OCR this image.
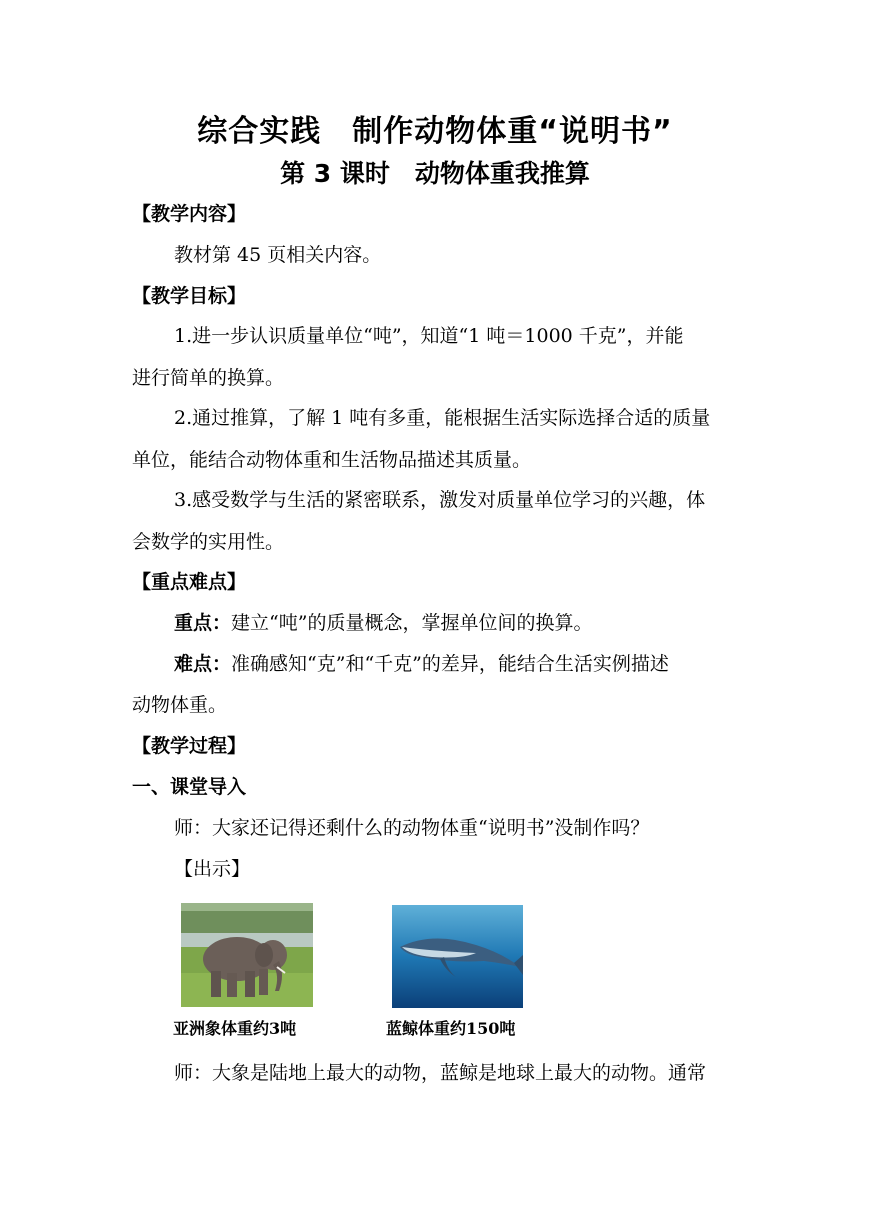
综合实践　制作动物体重“说明书”
第 3 课时　动物体重我推算
【教学内容】
教材第 45 页相关内容。
【教学目标】
1.进一步认识质量单位“吨”，知道“1 吨＝1000 千克”，并能
进行简单的换算。
2.通过推算，了解 1 吨有多重，能根据生活实际选择合适的质量
单位，能结合动物体重和生活物品描述其质量。
3.感受数学与生活的紧密联系，激发对质量单位学习的兴趣，体
会数学的实用性。
【重点难点】
重点：建立“吨”的质量概念，掌握单位间的换算。
难点：准确感知“克”和“千克”的差异，能结合生活实例描述
动物体重。
【教学过程】
一、课堂导入
师：大家还记得还剩什么的动物体重“说明书”没制作吗？
【出示】
亚洲象体重约3吨	蓝鲸体重约150吨
师：大象是陆地上最大的动物，蓝鲸是地球上最大的动物。通常
